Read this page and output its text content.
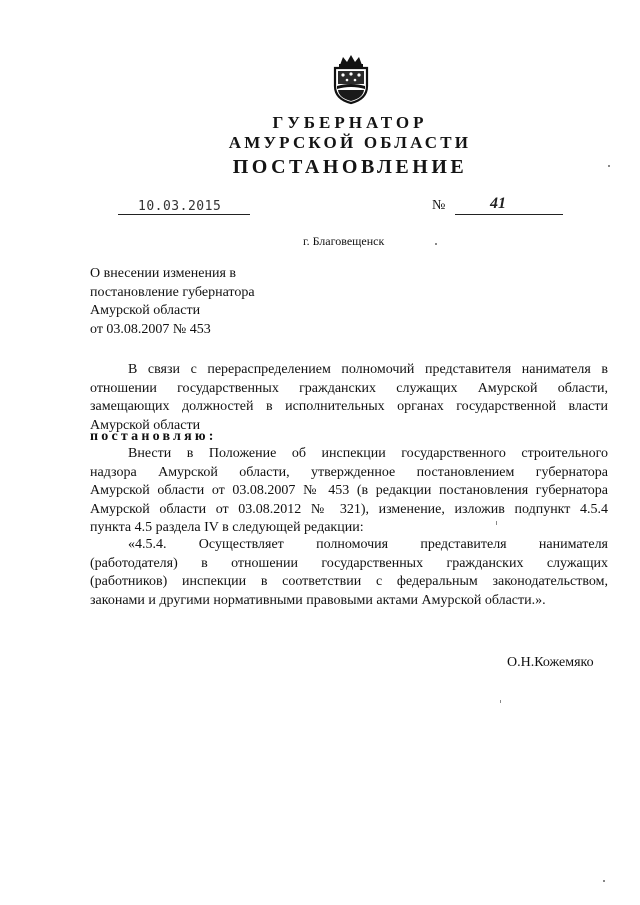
ГУБЕРНАТОР
АМУРСКОЙ ОБЛАСТИ
ПОСТАНОВЛЕНИЕ
10.03.2015	№	41
г. Благовещенск
О внесении изменения в
постановление губернатора
Амурской области
от 03.08.2007 № 453
В связи с перераспределением полномочий представителя нанимателя в
отношении государственных гражданских служащих Амурской области,
замещающих должностей в исполнительных органах государственной власти
Амурской области
постановляю:
Внести в Положение об инспекции государственного строительного
надзора Амурской области, утвержденное постановлением губернатора
Амурской области от 03.08.2007 № 453 (в редакции постановления губернатора
Амурской области от 03.08.2012 № 321), изменение, изложив подпункт 4.5.4
пункта 4.5 раздела IV в следующей редакции:
«4.5.4. Осуществляет полномочия представителя нанимателя
(работодателя) в отношении государственных гражданских служащих
(работников) инспекции в соответствии с федеральным законодательством,
законами и другими нормативными правовыми актами Амурской области.».
О.Н.Кожемяко
